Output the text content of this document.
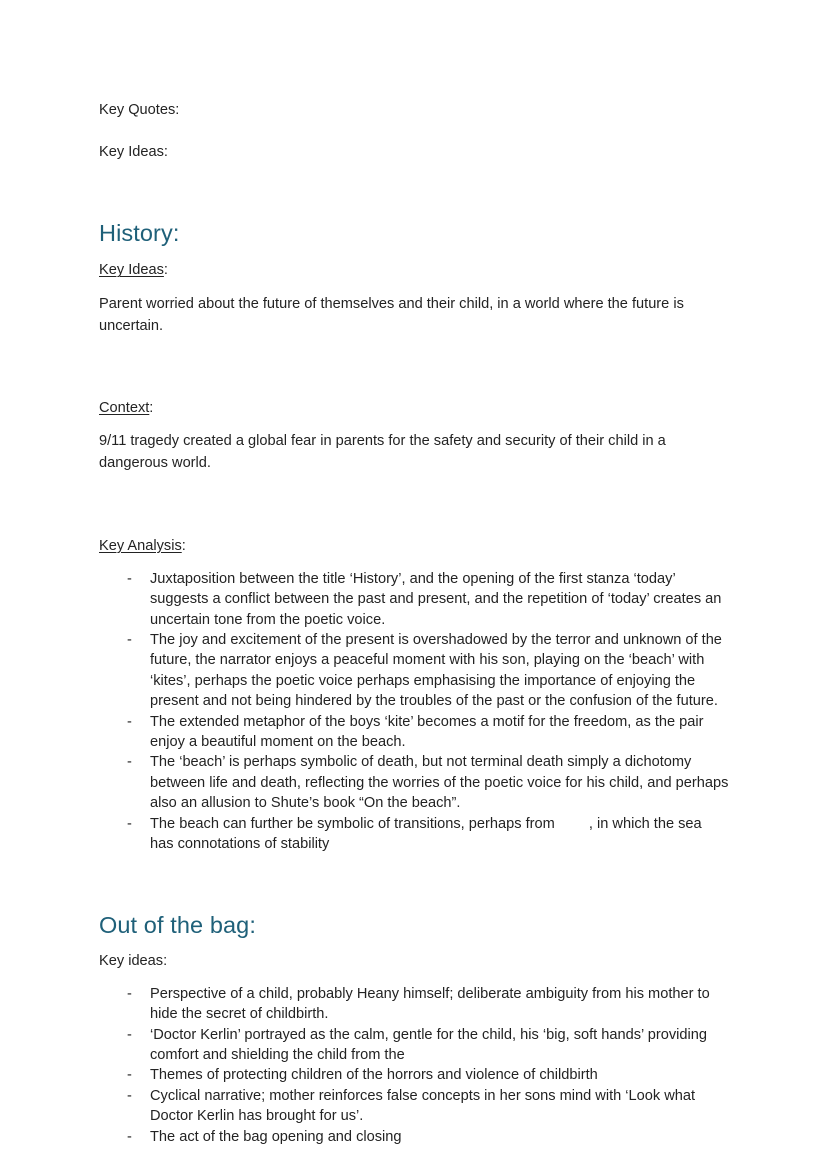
Key Quotes:

Key Ideas:

History:

Key Ideas:

Parent worried about the future of themselves and their child, in a world where the future is uncertain.

Context:

9/11 tragedy created a global fear in parents for the safety and security of their child in a dangerous world.

Key Analysis:

- Juxtaposition between the title ‘History’, and the opening of the first stanza ‘today’ suggests a conflict between the past and present, and the repetition of ‘today’ creates an uncertain tone from the poetic voice.
- The joy and excitement of the present is overshadowed by the terror and unknown of the future, the narrator enjoys a peaceful moment with his son, playing on the ‘beach’ with ‘kites’, perhaps the poetic voice perhaps emphasising the importance of enjoying the present and not being hindered by the troubles of the past or the confusion of the future.
- The extended metaphor of the boys ‘kite’ becomes a motif for the freedom, as the pair enjoy a beautiful moment on the beach.
- The ‘beach’ is perhaps symbolic of death, but not terminal death simply a dichotomy between life and death, reflecting the worries of the poetic voice for his child, and perhaps also an allusion to Shute’s book “On the beach”.
- The beach can further be symbolic of transitions, perhaps from , in which the sea has connotations of stability
Out of the bag:

Key ideas:

- Perspective of a child, probably Heany himself; deliberate ambiguity from his mother to hide the secret of childbirth.
- ‘Doctor Kerlin’ portrayed as the calm, gentle for the child, his ‘big, soft hands’ providing comfort and shielding the child from the
- Themes of protecting children of the horrors and violence of childbirth
- Cyclical narrative; mother reinforces false concepts in her sons mind with ‘Look what Doctor Kerlin has brought for us’.
- The act of the bag opening and closing
